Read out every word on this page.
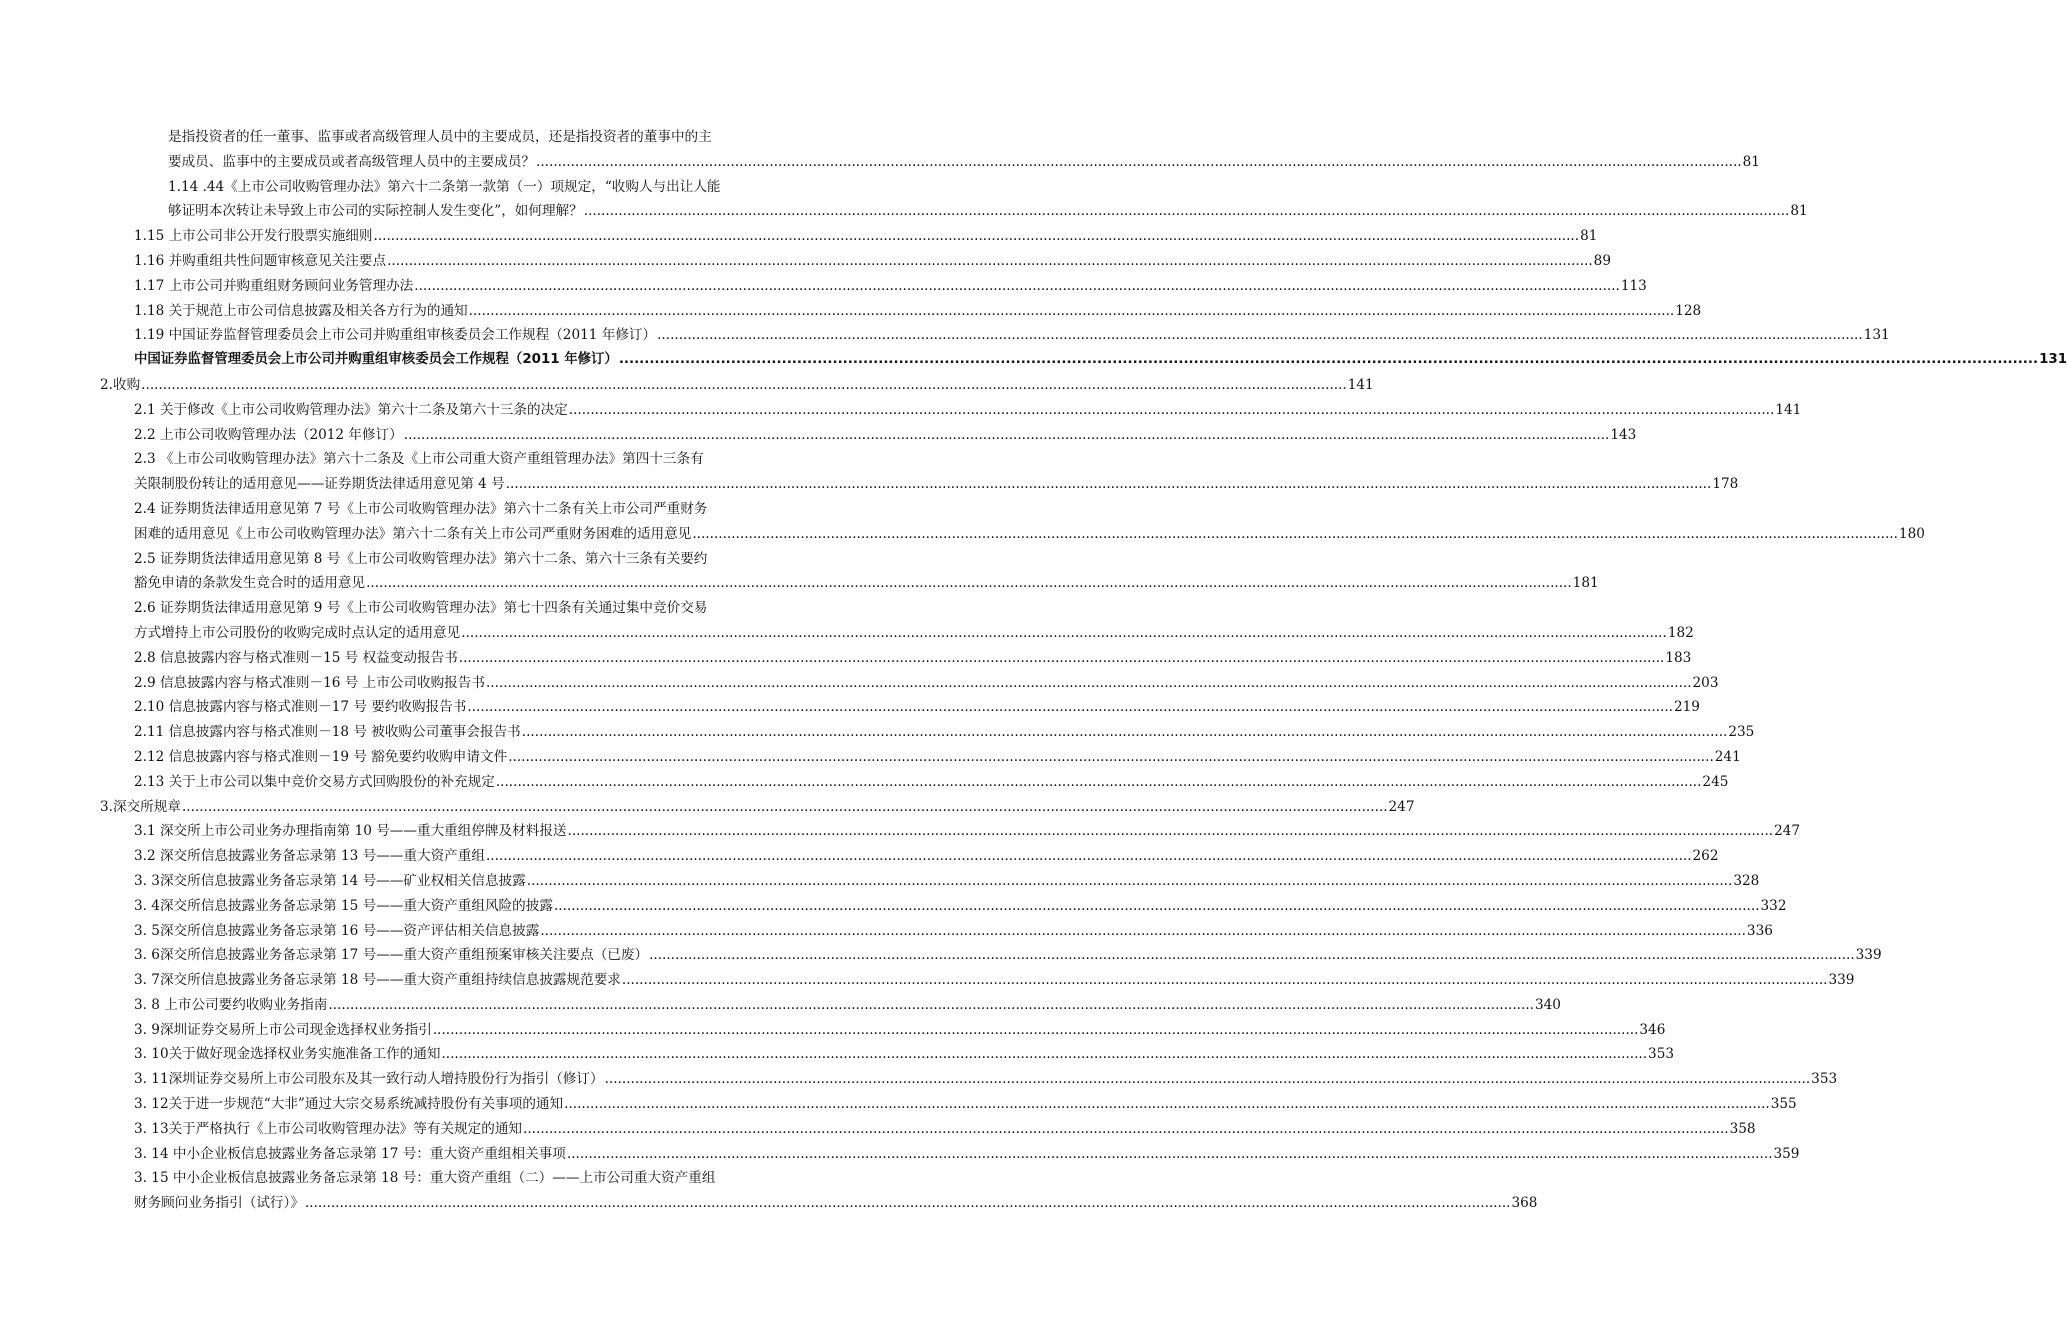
是指投资者的任一董事、监事或者高级管理人员中的主要成员，还是指投资者的董事中的主
要成员、监事中的主要成员或者高级管理人员中的主要成员？ .....	81
1.14 .44《上市公司收购管理办法》第六十二条第一款第（一）项规定，“收购人与出让人能
够证明本次转让未导致上市公司的实际控制人发生变化”，如何理解？ .....	81
1.15 上市公司非公开发行股票实施细则 .....	81
1.16 并购重组共性问题审核意见关注要点 .....	89
1.17 上市公司并购重组财务顾问业务管理办法 .....	113
1.18 关于规范上市公司信息披露及相关各方行为的通知 .....	128
1.19 中国证券监督管理委员会上市公司并购重组审核委员会工作规程（2011 年修订） .....	131
中国证券监督管理委员会上市公司并购重组审核委员会工作规程（2011 年修订） .....	131
2.收购 .....	141
2.1 关于修改《上市公司收购管理办法》第六十二条及第六十三条的决定 .....	141
2.2 上市公司收购管理办法（2012 年修订） .....	143
2.3 《上市公司收购管理办法》第六十二条及《上市公司重大资产重组管理办法》第四十三条有
关限制股份转让的适用意见——证券期货法律适用意见第 4 号 .....	178
2.4 证券期货法律适用意见第 7 号《上市公司收购管理办法》第六十二条有关上市公司严重财务
困难的适用意见《上市公司收购管理办法》第六十二条有关上市公司严重财务困难的适用意见 .....	180
2.5 证券期货法律适用意见第 8 号《上市公司收购管理办法》第六十二条、第六十三条有关要约
豁免申请的条款发生竞合时的适用意见 .....	181
2.6 证券期货法律适用意见第 9 号《上市公司收购管理办法》第七十四条有关通过集中竞价交易
方式增持上市公司股份的收购完成时点认定的适用意见 .....	182
2.8 信息披露内容与格式准则－15 号 权益变动报告书 .....	183
2.9 信息披露内容与格式准则－16 号 上市公司收购报告书 .....	203
2.10 信息披露内容与格式准则－17 号 要约收购报告书 .....	219
2.11 信息披露内容与格式准则－18 号 被收购公司董事会报告书 .....	235
2.12 信息披露内容与格式准则－19 号 豁免要约收购申请文件 .....	241
2.13 关于上市公司以集中竞价交易方式回购股份的补充规定 .....	245
3.深交所规章 .....	247
3.1 深交所上市公司业务办理指南第 10 号——重大重组停牌及材料报送 .....	247
3.2 深交所信息披露业务备忘录第 13 号——重大资产重组 .....	262
3. 3 深交所信息披露业务备忘录第 14 号——矿业权相关信息披露 .....	328
3. 4 深交所信息披露业务备忘录第 15 号——重大资产重组风险的披露 .....	332
3. 5 深交所信息披露业务备忘录第 16 号——资产评估相关信息披露 .....	336
3. 6 深交所信息披露业务备忘录第 17 号——重大资产重组预案审核关注要点（已废） .....	339
3. 7 深交所信息披露业务备忘录第 18 号——重大资产重组持续信息披露规范要求 .....	339
3. 8 上市公司要约收购业务指南 .....	340
3. 9 深圳证券交易所上市公司现金选择权业务指引 .....	346
3. 10 关于做好现金选择权业务实施准备工作的通知 .....	353
3. 11 深圳证券交易所上市公司股东及其一致行动人增持股份行为指引（修订） .....	353
3. 12 关于进一步规范“大非”通过大宗交易系统减持股份有关事项的通知 .....	355
3. 13 关于严格执行《上市公司收购管理办法》等有关规定的通知 .....	358
3. 14 中小企业板信息披露业务备忘录第 17 号：重大资产重组相关事项 .....	359
3. 15 中小企业板信息披露业务备忘录第 18 号：重大资产重组（二）——上市公司重大资产重组
财务顾问业务指引（试行）》 .....	368
